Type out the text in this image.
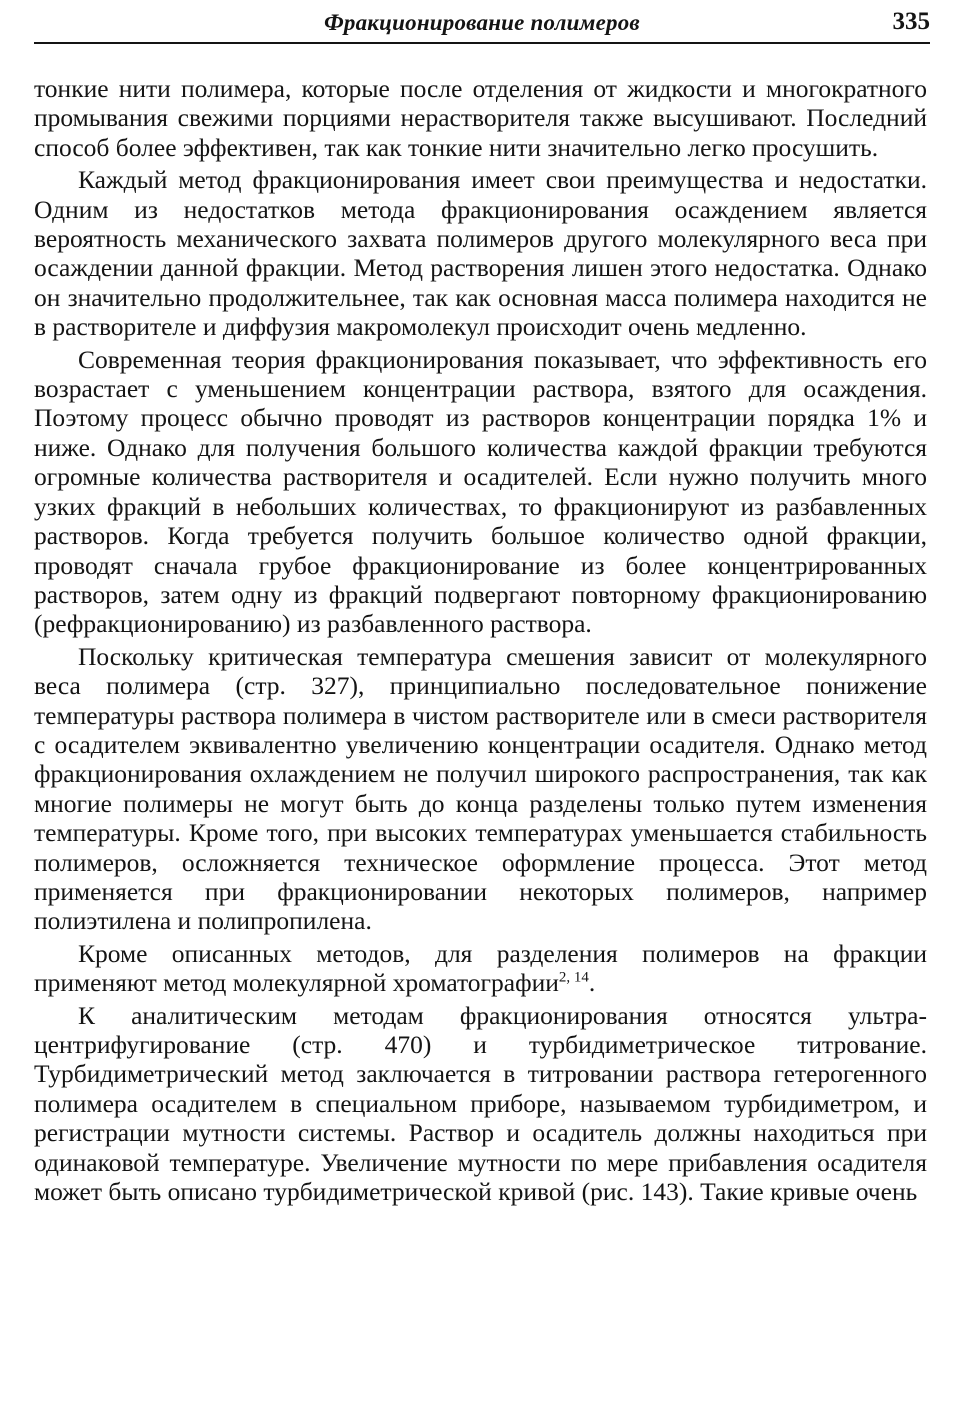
Фракционирование полимеров	335

тонкие нити полимера, которые после отделения от жидкости и многократного промывания свежими порциями нерастворителя также высушивают. Последний способ более эффективен, так как тонкие нити значительно легко просушить.

Каждый метод фракционирования имеет свои преимущества и недостатки. Одним из недостатков метода фракционирования осаждением является вероятность механического захвата полимеров другого молекулярного веса при осаждении данной фракции. Метод растворения лишен этого недостатка. Однако он значительно продолжительнее, так как основная масса полимера находится не в растворителе и диффузия макромолекул происходит очень медленно.

Современная теория фракционирования показывает, что эффективность его возрастает с уменьшением концентрации раствора, взятого для осаждения. Поэтому процесс обычно проводят из растворов концентрации порядка 1% и ниже. Однако для получения большого количества каждой фракции требуются огромные количества растворителя и осадителей. Если нужно получить много узких фракций в небольших количествах, то фракционируют из разбавленных растворов. Когда требуется получить большое количество одной фракции, проводят сначала грубое фракционирование из более концентрированных растворов, затем одну из фракций подвергают повторному фракционированию (рефракционированию) из разбавленного раствора.

Поскольку критическая температура смешения зависит от молекулярного веса полимера (стр. 327), принципиально последовательное понижение температуры раствора полимера в чистом растворителе или в смеси растворителя с осадителем эквивалентно увеличению концентрации осадителя. Однако метод фракционирования охлаждением не получил широкого распространения, так как многие полимеры не могут быть до конца разделены только путем изменения температуры. Кроме того, при высоких температурах уменьшается стабильность полимеров, осложняется техническое оформление процесса. Этот метод применяется при фракционировании некоторых полимеров, например полиэтилена и полипропилена.

Кроме описанных методов, для разделения полимеров на фракции применяют метод молекулярной хроматографии$^{2, 14}$.

К аналитическим методам фракционирования относятся ультрацентрифугирование (стр. 470) и турбидиметрическое титрование. Турбидиметрический метод заключается в титровании раствора гетерогенного полимера осадителем в специальном приборе, называемом турбидиметром, и регистрации мутности системы. Раствор и осадитель должны находиться при одинаковой температуре. Увеличение мутности по мере прибавления осадителя может быть описано турбидиметрической кривой (рис. 143). Такие кривые очень
